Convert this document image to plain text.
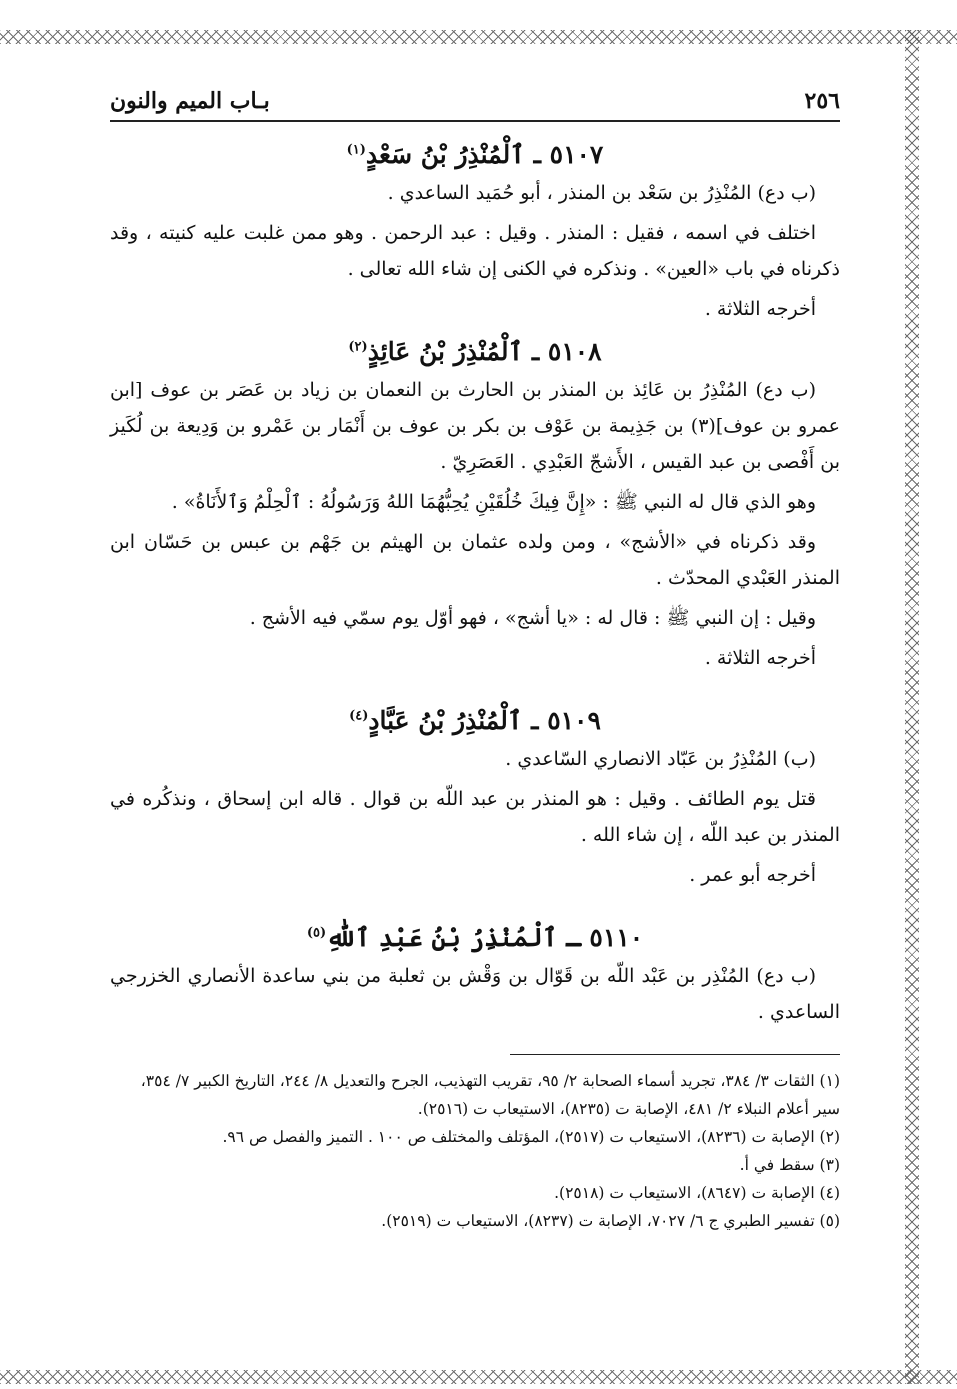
٢٥٦
بـاب الميم والنون
٥١٠٧ ـ ٱلْمُنْذِرُ بْنُ سَعْدٍ$^{(١)}$

(ب دع) المُنْذِرُ بن سَعْد بن المنذر ، أبو حُمَيد الساعدي .

اختلف في اسمه ، فقيل : المنذر . وقيل : عبد الرحمن . وهو ممن غلبت عليه كنيته ، وقد ذكرناه في باب «العين» . ونذكره في الكنى إن شاء الله تعالى .

أخرجه الثلاثة .

٥١٠٨ ـ ٱلْمُنْذِرُ بْنُ عَائِذٍ$^{(٢)}$

(ب دع) المُنْذِرُ بن عَائِذ بن المنذر بن الحارث بن النعمان بن زياد بن عَصَر بن عوف [ابن عمرو بن عوف](٣) بن جَذِيمة بن عَوْف بن بكر بن عوف بن أَنْمَار بن عَمْرو بن وَدِيعة بن لُكَيز بن أَفْصى بن عبد القيس ، الأَشجّ العَبْدِي . العَصَرِيّ .

وهو الذي قال له النبي ﷺ : «إِنَّ فِيكَ خُلُقَيْنِ يُحِبُّهُمَا اللهُ وَرَسُولُهُ : ٱلْحِلْمُ وَٱلأَنَاةُ» .

وقد ذكرناه في «الأشج» ، ومن ولده عثمان بن الهيثم بن جَهْم بن عبس بن حَسّان ابن المنذر العَبْدي المحدّث .

وقيل : إن النبي ﷺ : قال له : «يا أشج» ، فهو أوّل يوم سمّي فيه الأشج .

أخرجه الثلاثة .

٥١٠٩ ـ ٱلْمُنْذِرُ بْنُ عَبَّادٍ$^{(٤)}$

(ب) المُنْذِرُ بن عَبّاد الانصاري السّاعدي .

قتل يوم الطائف . وقيل : هو المنذر بن عبد اللّه بن قوال . قاله ابن إسحاق ، ونذكُره في المنذر بن عبد اللّه ، إن شاء الله .

أخرجه أبو عمر .

٥١١٠ ـ ٱلْمُنْذِرُ بْنُ عَبْدِ ٱللّٰهِ$^{(٥)}$

(ب دع) المُنْذِر بن عَبْد اللّه بن قَوّال بن وَقْش بن ثعلبة من بني ساعدة الأنصاري الخزرجي الساعدي .

(١) الثقات ٣/ ٣٨٤، تجريد أسماء الصحابة ٢/ ٩٥، تقريب التهذيب، الجرح والتعديل ٨/ ٢٤٤، التاريخ الكبير ٧/ ٣٥٤، سير أعلام النبلاء ٢/ ٤٨١، الإصابة ت (٨٢٣٥)، الاستيعاب ت (٢٥١٦).

(٢) الإصابة ت (٨٢٣٦)، الاستيعاب ت (٢٥١٧)، المؤتلف والمختلف ص ١٠٠ . التميز والفصل ص ٩٦.

(٣) سقط في أ.

(٤) الإصابة ت (٨٦٤٧)، الاستيعاب ت (٢٥١٨).

(٥) تفسير الطبري ج ٦/ ٧٠٢٧، الإصابة ت (٨٢٣٧)، الاستيعاب ت (٢٥١٩).
